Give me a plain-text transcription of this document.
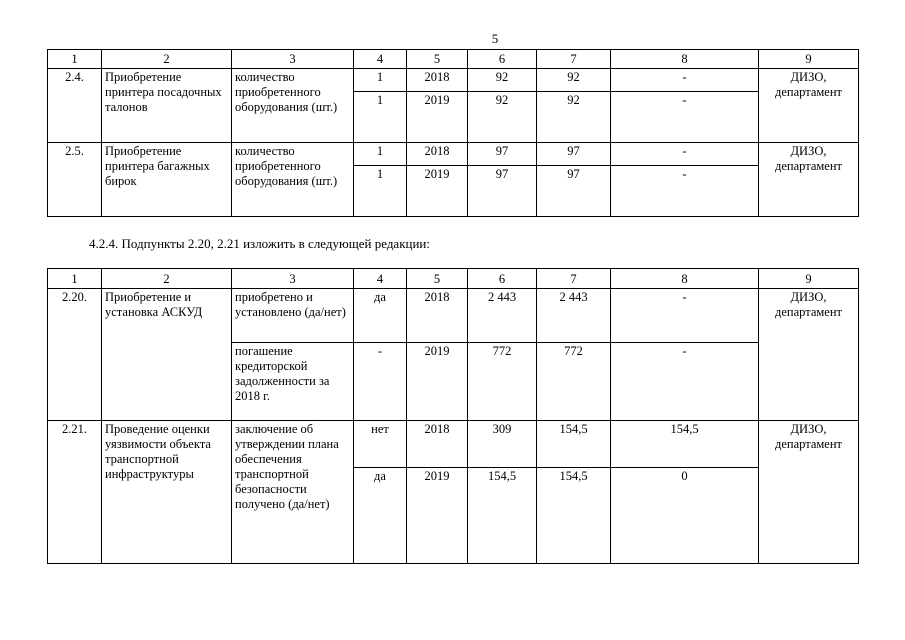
5
1	2	3	4	5	6	7	8	9
2.4.	Приобретение принтера посадочных талонов	количество приобретенного оборудования (шт.)	1	2018	92	92	-	ДИЗО, департамент
			1	2019	92	92	-	
2.5.	Приобретение принтера багажных бирок	количество приобретенного оборудования (шт.)	1	2018	97	97	-	ДИЗО, департамент
			1	2019	97	97	-	
4.2.4. Подпункты 2.20, 2.21 изложить в следующей редакции:
1	2	3	4	5	6	7	8	9
2.20.	Приобретение и установка АСКУД	приобретено и установлено (да/нет)	да	2018	2 443	2 443	-	ДИЗО, департамент
		погашение кредиторской задолженности за 2018 г.	-	2019	772	772	-	
2.21.	Проведение оценки уязвимости объекта транспортной инфраструктуры	заключение об утверждении плана обеспечения транспортной безопасности получено (да/нет)	нет	2018	309	154,5	154,5	ДИЗО, департамент
			да	2019	154,5	154,5	0	
